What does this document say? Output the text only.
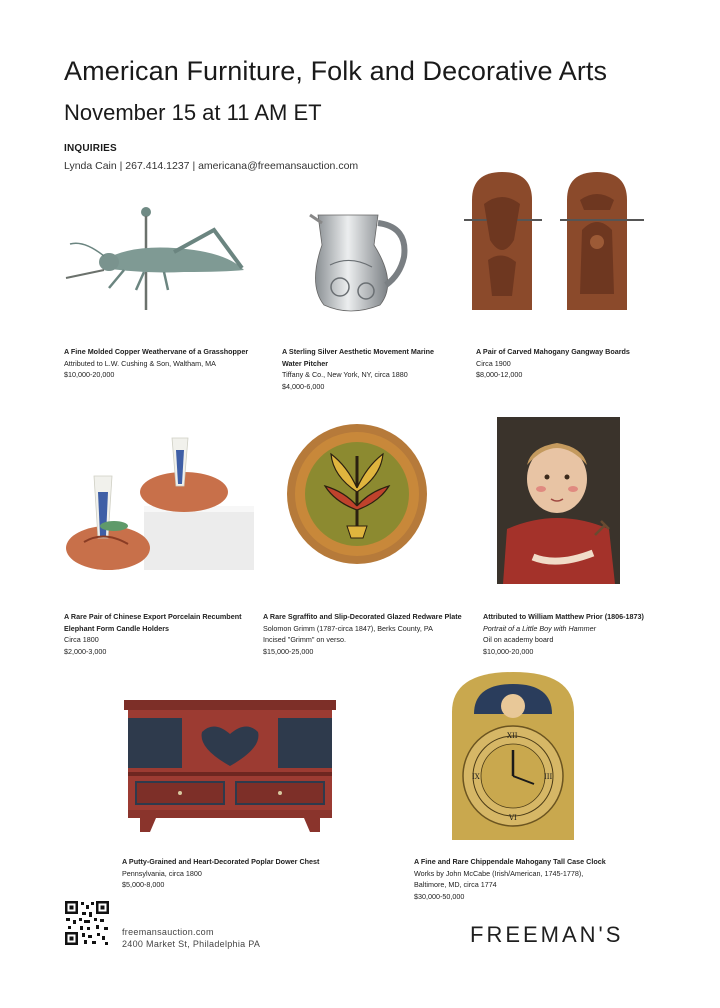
American Furniture, Folk and Decorative Arts
November 15 at 11 AM ET
INQUIRIES
Lynda Cain | 267.414.1237 | americana@freemansauction.com
A Fine Molded Copper Weathervane of a Grasshopper
Attributed to L.W. Cushing & Son, Waltham, MA
$10,000-20,000
A Sterling Silver Aesthetic Movement Marine
Water Pitcher
Tiffany & Co., New York, NY, circa 1880
$4,000-6,000
A Pair of Carved Mahogany Gangway Boards
Circa 1900
$8,000-12,000
A Rare Pair of Chinese Export Porcelain Recumbent
Elephant Form Candle Holders
Circa 1800
$2,000-3,000
A Rare Sgraffito and Slip-Decorated Glazed Redware Plate
Solomon Grimm (1787-circa 1847), Berks County, PA
Incised "Grimm" on verso.
$15,000-25,000
Attributed to William Matthew Prior (1806-1873)
Portrait of a Little Boy with Hammer
Oil on academy board
$10,000-20,000
XII
III
VI
IX
A Putty-Grained and Heart-Decorated Poplar Dower Chest
Pennsylvania, circa 1800
$5,000-8,000
A Fine and Rare Chippendale Mahogany Tall Case Clock
Works by John McCabe (Irish/American, 1745-1778),
Baltimore, MD, circa 1774
$30,000-50,000
freemansauction.com
2400 Market St, Philadelphia PA	FREEMAN'S
